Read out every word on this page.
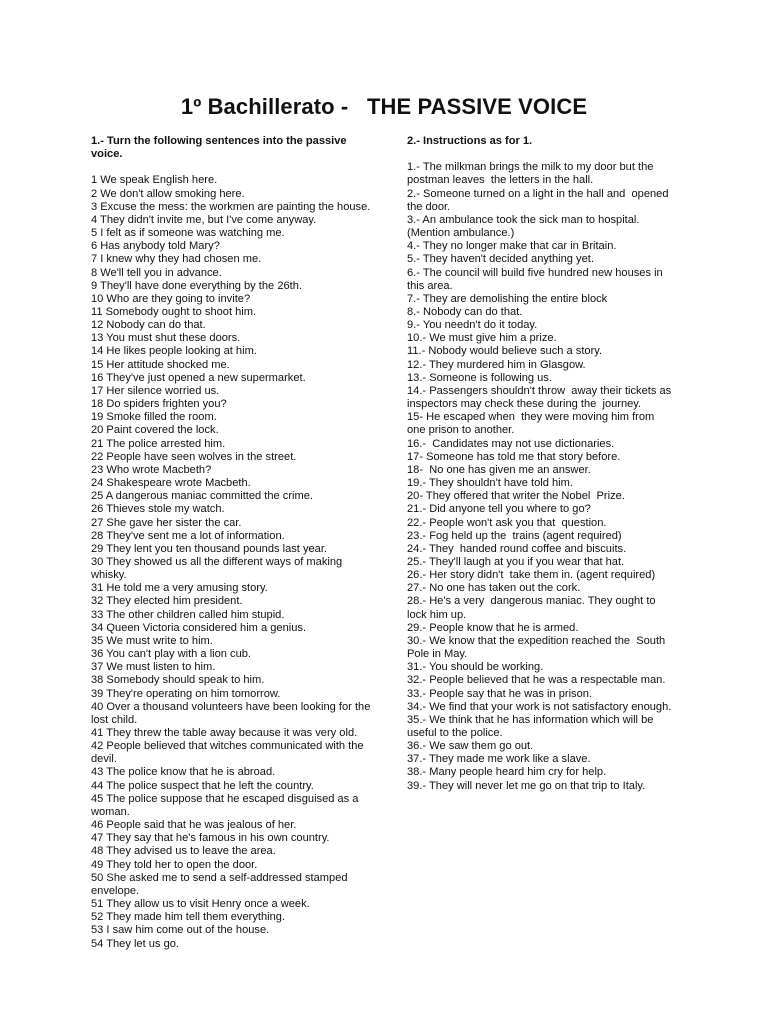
1º Bachillerato -   THE PASSIVE VOICE

1.- Turn the following sentences into the passive voice.

1 We speak English here.

2 We don't allow smoking here.

3 Excuse the mess: the workmen are painting the house.

4 They didn't invite me, but I've come anyway.

5 I felt as if someone was watching me.

6 Has anybody told Mary?

7 I knew why they had chosen me.

8 We'll tell you in advance.

9 They'll have done everything by the 26th.

10 Who are they going to invite?

11 Somebody ought to shoot him.

12 Nobody can do that.

13 You must shut these doors.

14 He likes people looking at him.

15 Her attitude shocked me.

16 They've just opened a new supermarket.

17 Her silence worried us.

18 Do spiders frighten you?

19 Smoke filled the room.

20 Paint covered the lock.

21 The police arrested him.

22 People have seen wolves in the street.

23 Who wrote Macbeth?

24 Shakespeare wrote Macbeth.

25 A dangerous maniac committed the crime.

26 Thieves stole my watch.

27 She gave her sister the car.

28 They've sent me a lot of information.

29 They lent you ten thousand pounds last year.

30 They showed us all the different ways of making whisky.

31 He told me a very amusing story.

32 They elected him president.

33 The other children called him stupid.

34 Queen Victoria considered him a genius.

35 We must write to him.

36 You can't play with a lion cub.

37 We must listen to him.

38 Somebody should speak to him.

39 They're operating on him tomorrow.

40 Over a thousand volunteers have been looking for the lost child.

41 They threw the table away because it was very old.

42 People believed that witches communicated with the devil.

43 The police know that he is abroad.

44 The police suspect that he left the country.

45 The police suppose that he escaped disguised as a woman.

46 People said that he was jealous of her.

47 They say that he's famous in his own country.

48 They advised us to leave the area.

49 They told her to open the door.

50 She asked me to send a self-addressed stamped envelope.

51 They allow us to visit Henry once a week.

52 They made him tell them everything.

53 I saw him come out of the house.

54 They let us go.

2.- Instructions as for 1.

1.- The milkman brings the milk to my door but the postman leaves  the letters in the hall.

2.- Someone turned on a light in the hall and  opened the door.

3.- An ambulance took the sick man to hospital. (Mention ambulance.)

4.- They no longer make that car in Britain.

5.- They haven't decided anything yet.

6.- The council will build five hundred new houses in this area.

7.- They are demolishing the entire block

8.- Nobody can do that.

9.- You needn't do it today.

10.- We must give him a prize.

11.- Nobody would believe such a story.

12.- They murdered him in Glasgow.

13.- Someone is following us.

14.- Passengers shouldn't throw  away their tickets as inspectors may check these during the  journey.

15- He escaped when  they were moving him from one prison to another.

16.-  Candidates may not use dictionaries.

17- Someone has told me that story before.

18-  No one has given me an answer.

19.- They shouldn't have told him.

20- They offered that writer the Nobel  Prize.

21.- Did anyone tell you where to go?

22.- People won't ask you that  question.

23.- Fog held up the  trains (agent required)

24.- They  handed round coffee and biscuits.

25.- They'll laugh at you if you wear that hat.

26.- Her story didn't  take them in. (agent required)

27.- No one has taken out the cork.

28.- He's a very  dangerous maniac. They ought to lock him up.

29.- People know that he is armed.

30.- We know that the expedition reached the  South Pole in May.

31.- You should be working.

32.- People believed that he was a respectable man.

33.- People say that he was in prison.

34.- We find that your work is not satisfactory enough.

35.- We think that he has information which will be useful to the police.

36.- We saw them go out.

37.- They made me work like a slave.

38.- Many people heard him cry for help.

39.- They will never let me go on that trip to Italy.
